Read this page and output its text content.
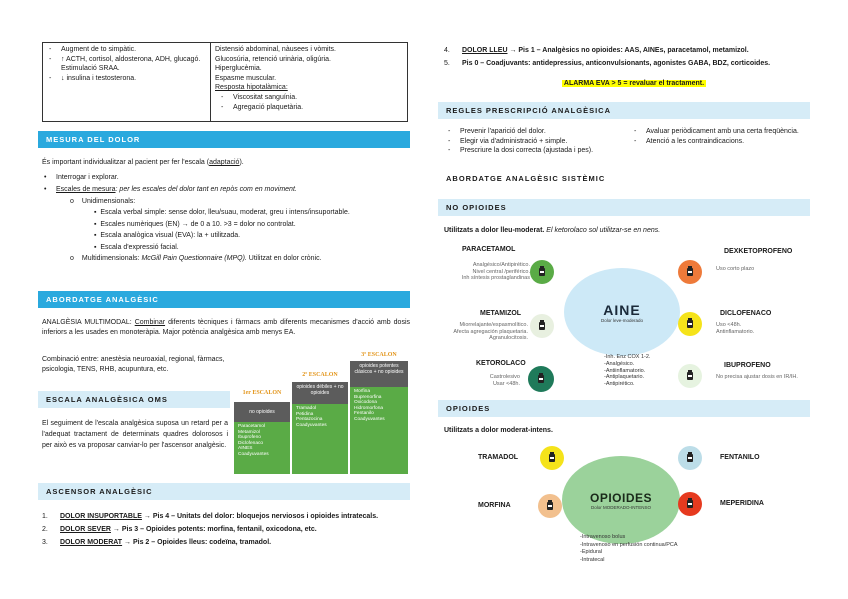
- Augment de to simpàtic.
- ↑ ACTH, cortisol, aldosterona, ADH, glucagó. Estimulació SRAA.
- ↓ insulina i testosterona.
Distensió abdominal, nàusees i vòmits.
Glucosúria, retenció urinària, oligúria.
Hiperglucèmia.
Espasme muscular.
Resposta hipotalàmica:
- Viscositat sanguínia.
- Agregació plaquetària.
MESURA DEL DOLOR
És important individualitzar al pacient per fer l'escala (adaptació).
• Interrogar i explorar.
• Escales de mesura: per les escales del dolor tant en repòs com en moviment.
o Unidimensionals:
▪  Escala verbal simple: sense dolor, lleu/suau, moderat, greu i intens/insuportable.
▪  Escales numèriques (EN) → de 0 a 10. >3 = dolor no controlat.
▪  Escala analògica visual (EVA): la + utilitzada.
▪  Escala d'expressió facial.
o Multidimensionals: McGill Pain Questionnaire (MPQ). Utilitzat en dolor crònic.
ABORDATGE ANALGÈSIC
ANALGÈSIA MULTIMODAL: Combinar diferents tècniques i fàrmacs amb diferents mecanismes d'acció amb dosis inferiors a les usades en monoteràpia. Major potència analgèsica amb menys EA.
Combinació entre: anestèsia neuroaxial, regional, fàrmacs, psicologia, TENS, RHB, acupuntura, etc.
ESCALA ANALGÈSICA OMS
El seguiment de l'escala analgèsica suposa un retard per a l'adequat tractament de determinats quadres dolorosos i per això es va proposar canviar-lo per l'ascensor analgèsic.
3º ESCALON
opioides potentes clásicos + no opioides
Morfina
Buprenorfina
Oxicodona
Hidromorfona
Fentanilo
Coadyuvantes
2º ESCALON
opioides débiles + no opioides
Tramadol
Petidina
Pentazocina
Coadyuvantes
1er ESCALON
no opioides
Paracetamol
Metamizol
Ibuprofeno
Diclofenaco
AINES
Coadyuvantes
ASCENSOR ANALGÈSIC
1. DOLOR INSUPORTABLE → Pis 4 – Unitats del dolor: bloquejos nerviosos i opioides intratecals.
2. DOLOR SEVER → Pis 3 – Opioides potents: morfina, fentanil, oxicodona, etc.
3. DOLOR MODERAT → Pis 2 – Opioides lleus: codeïna, tramadol.
4. DOLOR LLEU → Pis 1 – Analgèsics no opioides: AAS, AINEs, paracetamol, metamizol.
5. Pis 0 – Coadjuvants: antidepressius, anticonvulsionants, agonistes GABA, BDZ, corticoides.
ALARMA EVA > 5 = revaluar el tractament.
REGLES PRESCRIPCIÓ ANALGÈSICA
- Prevenir l'aparició del dolor.
- Elegir via d'administració + simple.
- Prescriure la dosi correcta (ajustada i pes).
- Avaluar periòdicament amb una certa freqüència.
- Atenció a les contraindicacions.
ABORDATGE ANALGÈSIC SISTÈMIC
NO OPIOIDES
Utilitzats a dolor lleu-moderat. El ketorolaco sol utilitzar-se en nens.
AINE
Dolor leve-moderado
-Inh. Enz COX 1-2.
-Analgésico.
-Antiinflamatorio.
-Antiplaquetario.
-Antipirético.
PARACETAMOL
Analgésico/Antipirético.
Nivel central /periférico.
Inh síntesis prostaglandinas
METAMIZOL
Miorrelajante/espasmolítico.
Afecta agregación plaquetaria.
Agranulocitosis.
KETOROLACO
Castrolesivo
Usar <48h.
DEXKETOPROFENO
Uso corto plazo
DICLOFENACO
Uso <48h.
Antinflamatorio.
IBUPROFENO
No precisa ajustar dosis en IR/IH.
OPIOIDES
Utilitzats a dolor moderat-intens.
OPIOIDES
Dolor MODERADO-INTENSO
-Intravenoso bolus
-Intravenoso en perfusión continua/PCA
-Epidural
-Intratecal
TRAMADOL
MORFINA
FENTANILO
MEPERIDINA
